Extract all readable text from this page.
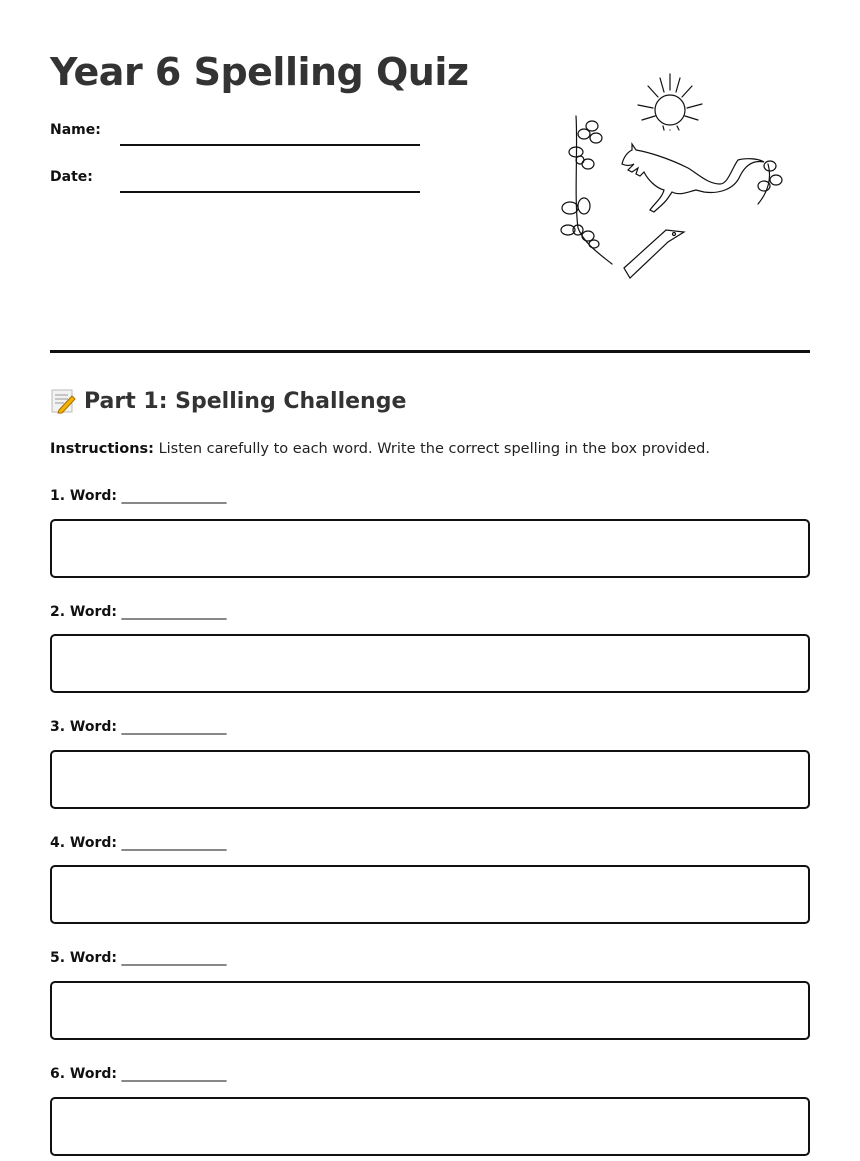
Year 6 Spelling Quiz
Name:
Date:
Part 1: Spelling Challenge
Instructions: Listen carefully to each word. Write the correct spelling in the box provided.
1. Word: _______________
2. Word: _______________
3. Word: _______________
4. Word: _______________
5. Word: _______________
6. Word: _______________
